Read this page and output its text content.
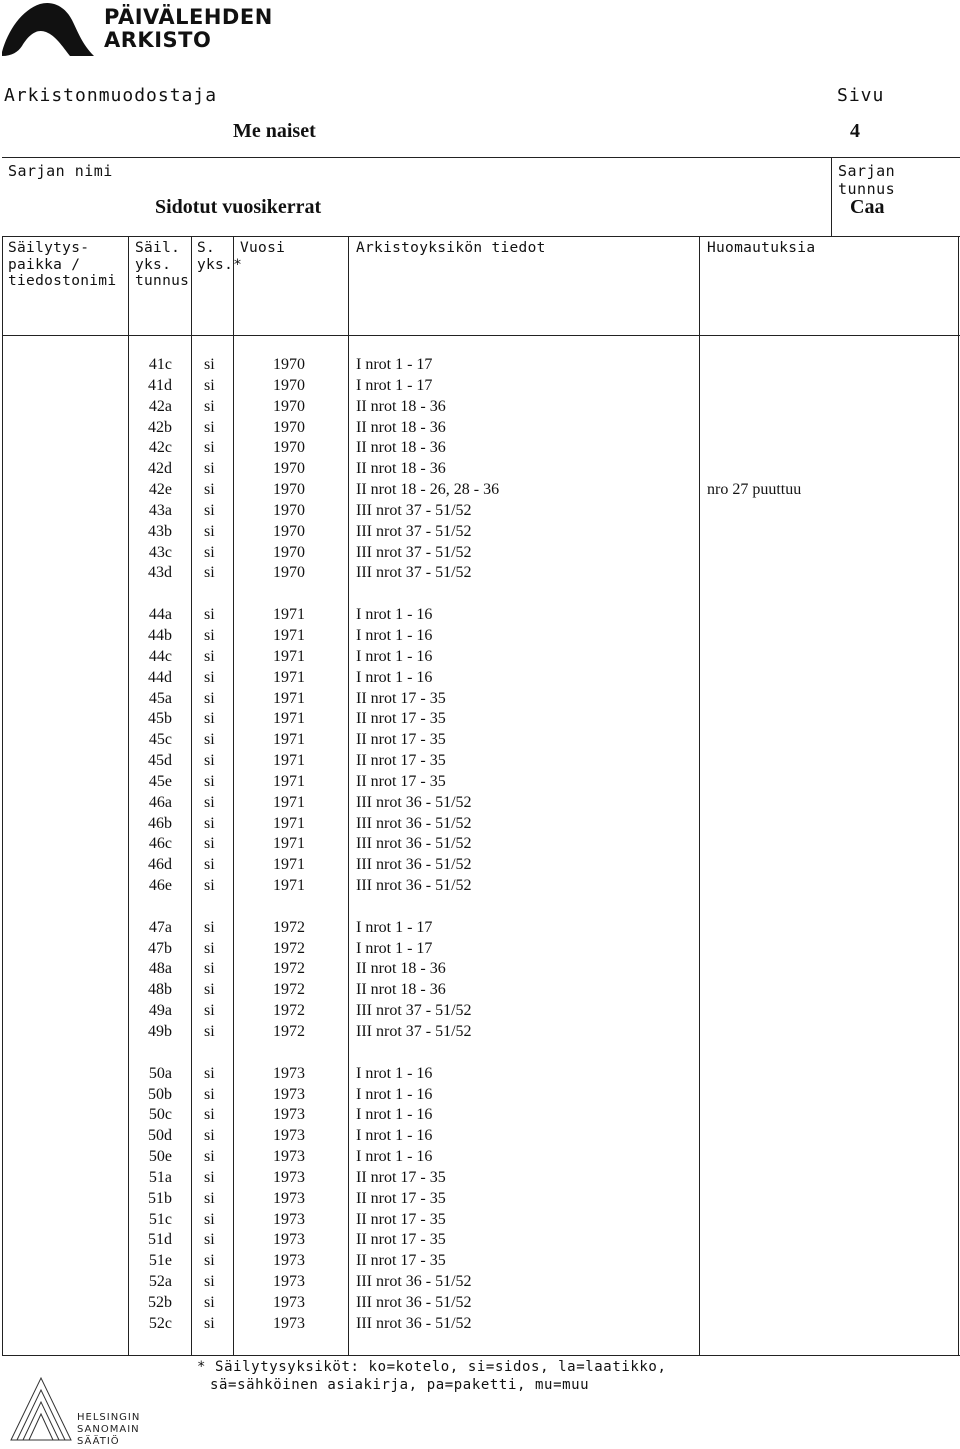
PÄIVÄLEHDEN
ARKISTO
Arkistonmuodostaja	Sivu
Me naiset	4
Sarjan nimi
Sidotut vuosikerrat
Sarjan tunnus
Caa
Säilytys-
paikka /
tiedostonimi
Säil.
yks.
tunnus
S.
yks.*
Vuosi	Arkistoyksikön tiedot	Huomautuksia
41c si	1970	I nrot 1 - 17
41d si	1970	I nrot 1 - 17
42a si	1970	II nrot 18 - 36
42b si	1970	II nrot 18 - 36
42c si	1970	II nrot 18 - 36
42d si	1970	II nrot 18 - 36
42e si	1970	II nrot 18 - 26, 28 - 36	nro 27 puuttuu
43a si	1970	III nrot 37 - 51/52
43b si	1970	III nrot 37 - 51/52
43c si	1970	III nrot 37 - 51/52
43d si	1970	III nrot 37 - 51/52
44a si	1971	I nrot 1 - 16
44b si	1971	I nrot 1 - 16
44c si	1971	I nrot 1 - 16
44d si	1971	I nrot 1 - 16
45a si	1971	II nrot 17 - 35
45b si	1971	II nrot 17 - 35
45c si	1971	II nrot 17 - 35
45d si	1971	II nrot 17 - 35
45e si	1971	II nrot 17 - 35
46a si	1971	III nrot 36 - 51/52
46b si	1971	III nrot 36 - 51/52
46c si	1971	III nrot 36 - 51/52
46d si	1971	III nrot 36 - 51/52
46e si	1971	III nrot 36 - 51/52
47a si	1972	I nrot 1 - 17
47b si	1972	I nrot 1 - 17
48a si	1972	II nrot 18 - 36
48b si	1972	II nrot 18 - 36
49a si	1972	III nrot 37 - 51/52
49b si	1972	III nrot 37 - 51/52
50a si	1973	I nrot 1 - 16
50b si	1973	I nrot 1 - 16
50c si	1973	I nrot 1 - 16
50d si	1973	I nrot 1 - 16
50e si	1973	I nrot 1 - 16
51a si	1973	II nrot 17 - 35
51b si	1973	II nrot 17 - 35
51c si	1973	II nrot 17 - 35
51d si	1973	II nrot 17 - 35
51e si	1973	II nrot 17 - 35
52a si	1973	III nrot 36 - 51/52
52b si	1973	III nrot 36 - 51/52
52c si	1973	III nrot 36 - 51/52
* Säilytysyksiköt: ko=kotelo, si=sidos, la=laatikko,
sä=sähköinen asiakirja, pa=paketti, mu=muu
HELSINGIN
SANOMAIN
SÄÄTIÖ
